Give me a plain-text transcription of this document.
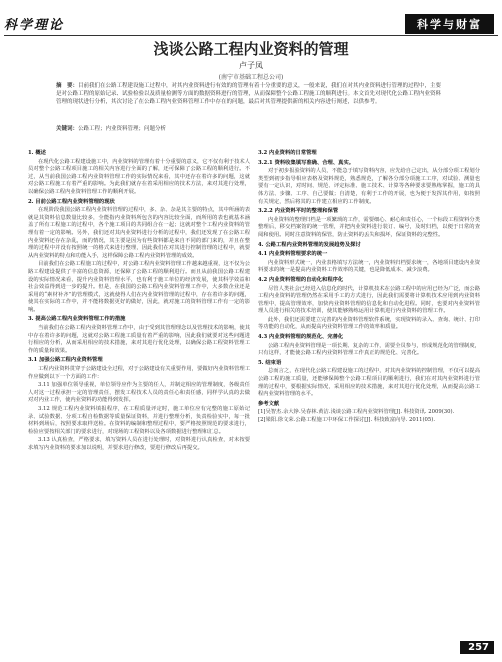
科学理论	科学与财富
浅谈公路工程内业资料的管理
卢子凤
(南宁市基础工程总公司)
摘　要：目前我们在公路工程建设施工过程中，对其内业资料进行有效的的管理有着十分重要的意义，一般来说，我们在对其内业资料进行管理的过程中，主要是对公路工程的原始记录、试验检验以及质量检测等方面的数据资料进行的管理，从而保障整个公路工程施工的顺利进行。本文首先对现代化公路工程内业资料管理的现状进行分析，其次讨论了在公路工程内业资料管理工作中存在的问题，最后对其管理提供新的相关内容进行阐述，以供参考。
关键词：公路工程；内业资料管理；问题分析
1. 概述
在现代化公路工程建设施工中，内业资料的管理有着十分重要的意义，它不仅有利于技术人员对整个公路工程项目施工的相关内容进行全面的了解，还可保障了公路工程的顺利进行。不过，从当前我国公路工程内业资料管理工作的实际情况来看，其中还存在着许多的问题，这就对公路工程施工有着严重的影响。为此我们就存在着采用相应的技术方法，来对其进行处理，以确保公路工程内业资料管理工作的顺利开展。
2. 目前公路工程内业资料管理的现状
在现阶段我国公路工程内业资料管理的过程中，多、杂、杂是其主要的特点，其中所涵的表就是其资料信息数量比较多，全能指内业资料所包含的内容比较全面，而所用的表也就基本涵盖了所有工程施工的过程中，各个施工项目的共同组合在一起；这就对整个工程内业资料的管理有着一定的影响。另外，我们还对其内业资料进行分析的过程中，我们还发现了在公路工程内业资料还存在杂乱，而的情况，其主要是因为有些资料都是来自不同的部门来的，并且在整理的过程中并没有按照统一的格式来进行整理，因此我们在对其进行控制管理的过程中，就要从内业资料的特点和功能入手，这样保障公路工程内业资料管理的成效。
目前我们在公路工程施工的过程中，对公路工程内业资料管理工作越来越重视，这不仅为公路工程建设提供了丰富的信息资源，还保障了公路工程的顺利进行。而且从前我国公路工程建设的实际情况来看，提升内业资料管理水平，也有利于施工单位的经济发展，使其科学效益和社会效益得到进一步的提升。但是，在我国的公路工程内业资料管理工作中，大多数企业还是采用的“素材补齐”的管理模式，这就使得人们在内业资料管理的过程中，存在着许多的问题，使其在实际的工作中，并不能将数据更好的做好，因此，就对施工的资料管理工作有一定的影响。
3. 提高公路工程内业资料管理工作的措施
当前我们在公路工程内业资料管理工作中，由于受到其管理理念以及管理技术的影响，使其中存在着许多的问题，这就对公路工程施工质量有着严重的影响，因此我们就要对这些问题进行相应的分析，从而采用相应的技术措施，来对其进行优化处理，以确保公路工程资料管理工作的质量和效果。
3.1 加强公路工程内业资料管理
工程内业资料贯穿于公路建设全过程，对于公路建设有关重要作用，要做好内业资料管理工作应做到以下一个方面的工作：
3.11 加强单位领导重视，单位领导应作为主要的任人，并制定相应的管理制度，各级责任人对这一过程承担一定的管理责任，摆发工程技术人员的责任心和责任感，同样学认真的去做对对内业工作，使内业资料的功能得到发挥。
3.12 规范工程内业资料填报程序，在工程质量评定时，施工单位应有完整的施工原始记录、试验数据、分项工程自检数据等质量保证资料，并进行整理分析，负责检验实中，每一批材料到场后，按照要求取样送检。在资料的编制和整理过程中，要严格按照规范的要求进行，检验应要按相关部门的要求进行，对现场的工程资料以及各项数据进行整理和汇总。
3.13 认真检查，严格要求，填写资料人员在进行处理时，对资料进行认真检查，对未按要求填写内业资料的要求加以说明，并要求进行修改，要进行修改后再提交。
3.2 内业资料的日常管理
3.2.1 资料收集填写准确、合理、真实。
对于初步报验资料的人员，不能急于填写资料内容，应先给自己定出，从分部分项工程划分类型到初步指导相应表格及资料规范，熟悉规范，了解各分部分项施工工序，对试验、测量也要有一定认识，对时间、规范、评定标准、施工技术、计算等各种要求要熟练掌握，施工的具体方法、步骤、工序、自己要做；自清楚，有利于工作的开展，也为便于发挥其作用，如按照有关规定，然后将其的工作建立相应的工作制度。
3.2.2 内业资料平时的整理和保管
内业资料的整理归档是一项繁琐的工作，需要细心、耐心和责任心，一个标段工程资料分类整理后，移交档案馆的统一管理，并把内业资料进行装订、编号，及时归档，以便于日常的查阅和使用。同时注意资料的保管，防止资料的丢失和损坏，保证资料的完整性。
4. 公路工程内业资料管理的发展趋势及探讨
4.1 内业资料管理要求的统一
内业资料形式统一，内业表格填写方法统一，内业资料归档要求统一，各地项目建设内业资料要求的统一是提高内业资料工作效率的关键，也是降低成本、减少浪费。
4.2 内业资料管理的自动化和程序化
尽管人类社会已经进入信息化的时代，计算机技术在公路工程中的应用已经为广泛，而公路工程内业资料的管理仍然在采用手工的方式进行，因此我们需要将计算机技术应用到内业资料管理中，提高管理效率，加快内业资料管理的信息化和自动化进程。同时，也要对内业资料管理人员进行相关的技术培训，使其能够熟练运用计算机进行内业资料的管理工作。
此外，我们还需要建立完善的内业资料管理软件系统，实现资料的录入、查询、统计、打印等功能的自动化，从而提高内业资料管理工作的效率和质量。
4.3 内业资料管理的规范化、完善化
公路工程内业资料管理是一项长期、复杂的工作，需要全员参与，形成规范化的管理制度，只有这样，才能使公路工程内业资料管理工作真正的规范化、完善化。
5. 结束语
总而言之，在现代化公路工程建设施工的过程中，对其内业资料的控制管理，不仅可以提高公路工程的施工质量，还能够保障整个公路工程项目的顺利进行，我们在对其内业资料进行管理的过程中，要根据实际情况，采用相应的技术措施，来对其进行优化处理，从而提高公路工程内业资料管理的水平。
参考文献
[1]吴智杰.余大铮.吴春林.黄洁.浅谈公路工程内业资料管理[J]. 科技资讯. 2009(30).
[2]梁阳.徐文荣.公路工程施工中环保工作探讨[J]. 科技致富向导. 2011(05).
257
